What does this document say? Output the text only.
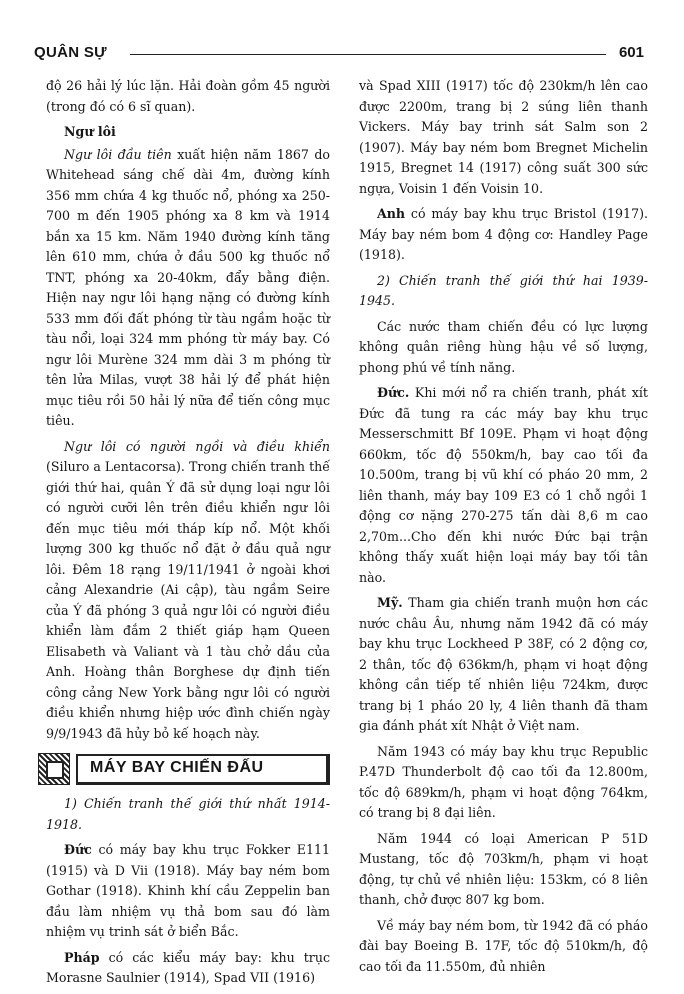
QUÂN SỰ	601

độ 26 hải lý lúc lặn. Hải đoàn gồm 45 người (trong đó có 6 sĩ quan).

Ngư lôi

Ngư lôi đầu tiên xuất hiện năm 1867 do Whitehead sáng chế dài 4m, đường kính 356 mm chứa 4 kg thuốc nổ, phóng xa 250-700 m đến 1905 phóng xa 8 km và 1914 bắn xa 15 km. Năm 1940 đường kính tăng lên 610 mm, chứa ở đầu 500 kg thuốc nổ TNT, phóng xa 20-40km, đẩy bằng điện. Hiện nay ngư lôi hạng nặng có đường kính 533 mm đối đất phóng từ tàu ngầm hoặc từ tàu nổi, loại 324 mm phóng từ máy bay. Có ngư lôi Murène 324 mm dài 3 m phóng từ tên lửa Milas, vượt 38 hải lý để phát hiện mục tiêu rồi 50 hải lý nữa để tiến công mục tiêu.

Ngư lôi có người ngồi và điều khiển (Siluro a Lentacorsa). Trong chiến tranh thế giới thứ hai, quân Ý đã sử dụng loại ngư lôi có người cưỡi lên trên điều khiển ngư lôi đến mục tiêu mới tháp kíp nổ. Một khối lượng 300 kg thuốc nổ đặt ở đầu quả ngư lôi. Đêm 18 rạng 19/11/1941 ở ngoài khơi cảng Alexandrie (Ai cập), tàu ngầm Seire của Ý đã phóng 3 quả ngư lôi có người điều khiển làm đắm 2 thiết giáp hạm Queen Elisabeth và Valiant và 1 tàu chở dầu của Anh. Hoàng thân Borghese dự định tiến công cảng New York bằng ngư lôi có người điều khiển nhưng hiệp ước đình chiến ngày 9/9/1943 đã hủy bỏ kế hoạch này.

MÁY BAY CHIẾN ĐẤU

1) Chiến tranh thế giới thứ nhất 1914-1918.

Đức có máy bay khu trục Fokker E111 (1915) và D Vii (1918). Máy bay ném bom Gothar (1918). Khinh khí cầu Zeppelin ban đầu làm nhiệm vụ thả bom sau đó làm nhiệm vụ trinh sát ở biển Bắc.

Pháp có các kiểu máy bay: khu trục Morasne Saulnier (1914), Spad VII (1916)

và Spad XIII (1917) tốc độ 230km/h lên cao được 2200m, trang bị 2 súng liên thanh Vickers. Máy bay trinh sát Salm son 2 (1907). Máy bay ném bom Bregnet Michelin 1915, Bregnet 14 (1917) công suất 300 sức ngựa, Voisin 1 đến Voisin 10.

Anh có máy bay khu trục Bristol (1917). Máy bay ném bom 4 động cơ: Handley Page (1918).

2) Chiến tranh thế giới thứ hai 1939-1945.

Các nước tham chiến đều có lực lượng không quân riêng hùng hậu về số lượng, phong phú về tính năng.

Đức. Khi mới nổ ra chiến tranh, phát xít Đức đã tung ra các máy bay khu trục Messerschmitt Bf 109E. Phạm vi hoạt động 660km, tốc độ 550km/h, bay cao tối đa 10.500m, trang bị vũ khí có pháo 20 mm, 2 liên thanh, máy bay 109 E3 có 1 chỗ ngồi 1 động cơ nặng 270-275 tấn dài 8,6 m cao 2,70m...Cho đến khi nước Đức bại trận không thấy xuất hiện loại máy bay tối tân nào.

Mỹ. Tham gia chiến tranh muộn hơn các nước châu Âu, nhưng năm 1942 đã có máy bay khu trục Lockheed P 38F, có 2 động cơ, 2 thân, tốc độ 636km/h, phạm vi hoạt động không cần tiếp tế nhiên liệu 724km, được trang bị 1 pháo 20 ly, 4 liên thanh đã tham gia đánh phát xít Nhật ở Việt nam.

Năm 1943 có máy bay khu trục Republic P.47D Thunderbolt độ cao tối đa 12.800m, tốc độ 689km/h, phạm vi hoạt động 764km, có trang bị 8 đại liên.

Năm 1944 có loại American P 51D Mustang, tốc độ 703km/h, phạm vi hoạt động, tự chủ về nhiên liệu: 153km, có 8 liên thanh, chở được 807 kg bom.

Về máy bay ném bom, từ 1942 đã có pháo đài bay Boeing B. 17F, tốc độ 510km/h, độ cao tối đa 11.550m, đủ nhiên
